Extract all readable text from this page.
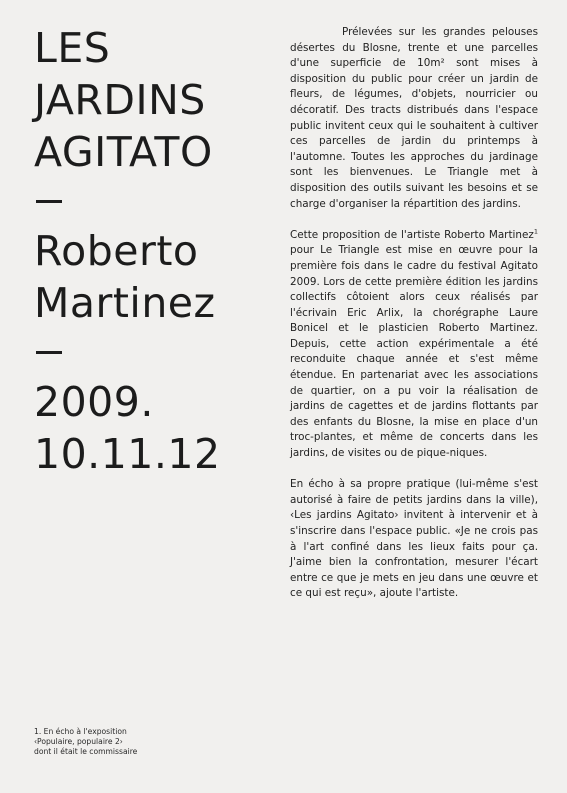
LES
JARDINS
AGITATO
Roberto
Martinez
2009.
10.11.12

Prélevées sur les grandes pelouses désertes du Blosne, trente et une parcelles d'une superficie de 10m² sont mises à disposition du public pour créer un jardin de fleurs, de légumes, d'objets, nourricier ou décoratif. Des tracts distribués dans l'espace public invitent ceux qui le souhaitent à cultiver ces parcelles de jardin du printemps à l'automne. Toutes les approches du jardinage sont les bienvenues. Le Triangle met à disposition des outils suivant les besoins et se charge d'organiser la répartition des jardins.

Cette proposition de l'artiste Roberto Martinez$^1$ pour Le Triangle est mise en œuvre pour la première fois dans le cadre du festival Agitato 2009. Lors de cette première édition les jardins collectifs côtoient alors ceux réalisés par l'écrivain Eric Arlix, la chorégraphe Laure Bonicel et le plasticien Roberto Martinez. Depuis, cette action expérimentale a été reconduite chaque année et s'est même étendue. En partenariat avec les associations de quartier, on a pu voir la réalisation de jardins de cagettes et de jardins flottants par des enfants du Blosne, la mise en place d'un troc-plantes, et même de concerts dans les jardins, de visites ou de pique-niques.

En écho à sa propre pratique (lui-même s'est autorisé à faire de petits jardins dans la ville), ‹Les jardins Agitato› invitent à intervenir et à s'inscrire dans l'espace public. «Je ne crois pas à l'art confiné dans les lieux faits pour ça. J'aime bien la confrontation, mesurer l'écart entre ce que je mets en jeu dans une œuvre et ce qui est reçu», ajoute l'artiste.

1. En écho à l'exposition
‹Populaire, populaire 2›
dont il était le commissaire
